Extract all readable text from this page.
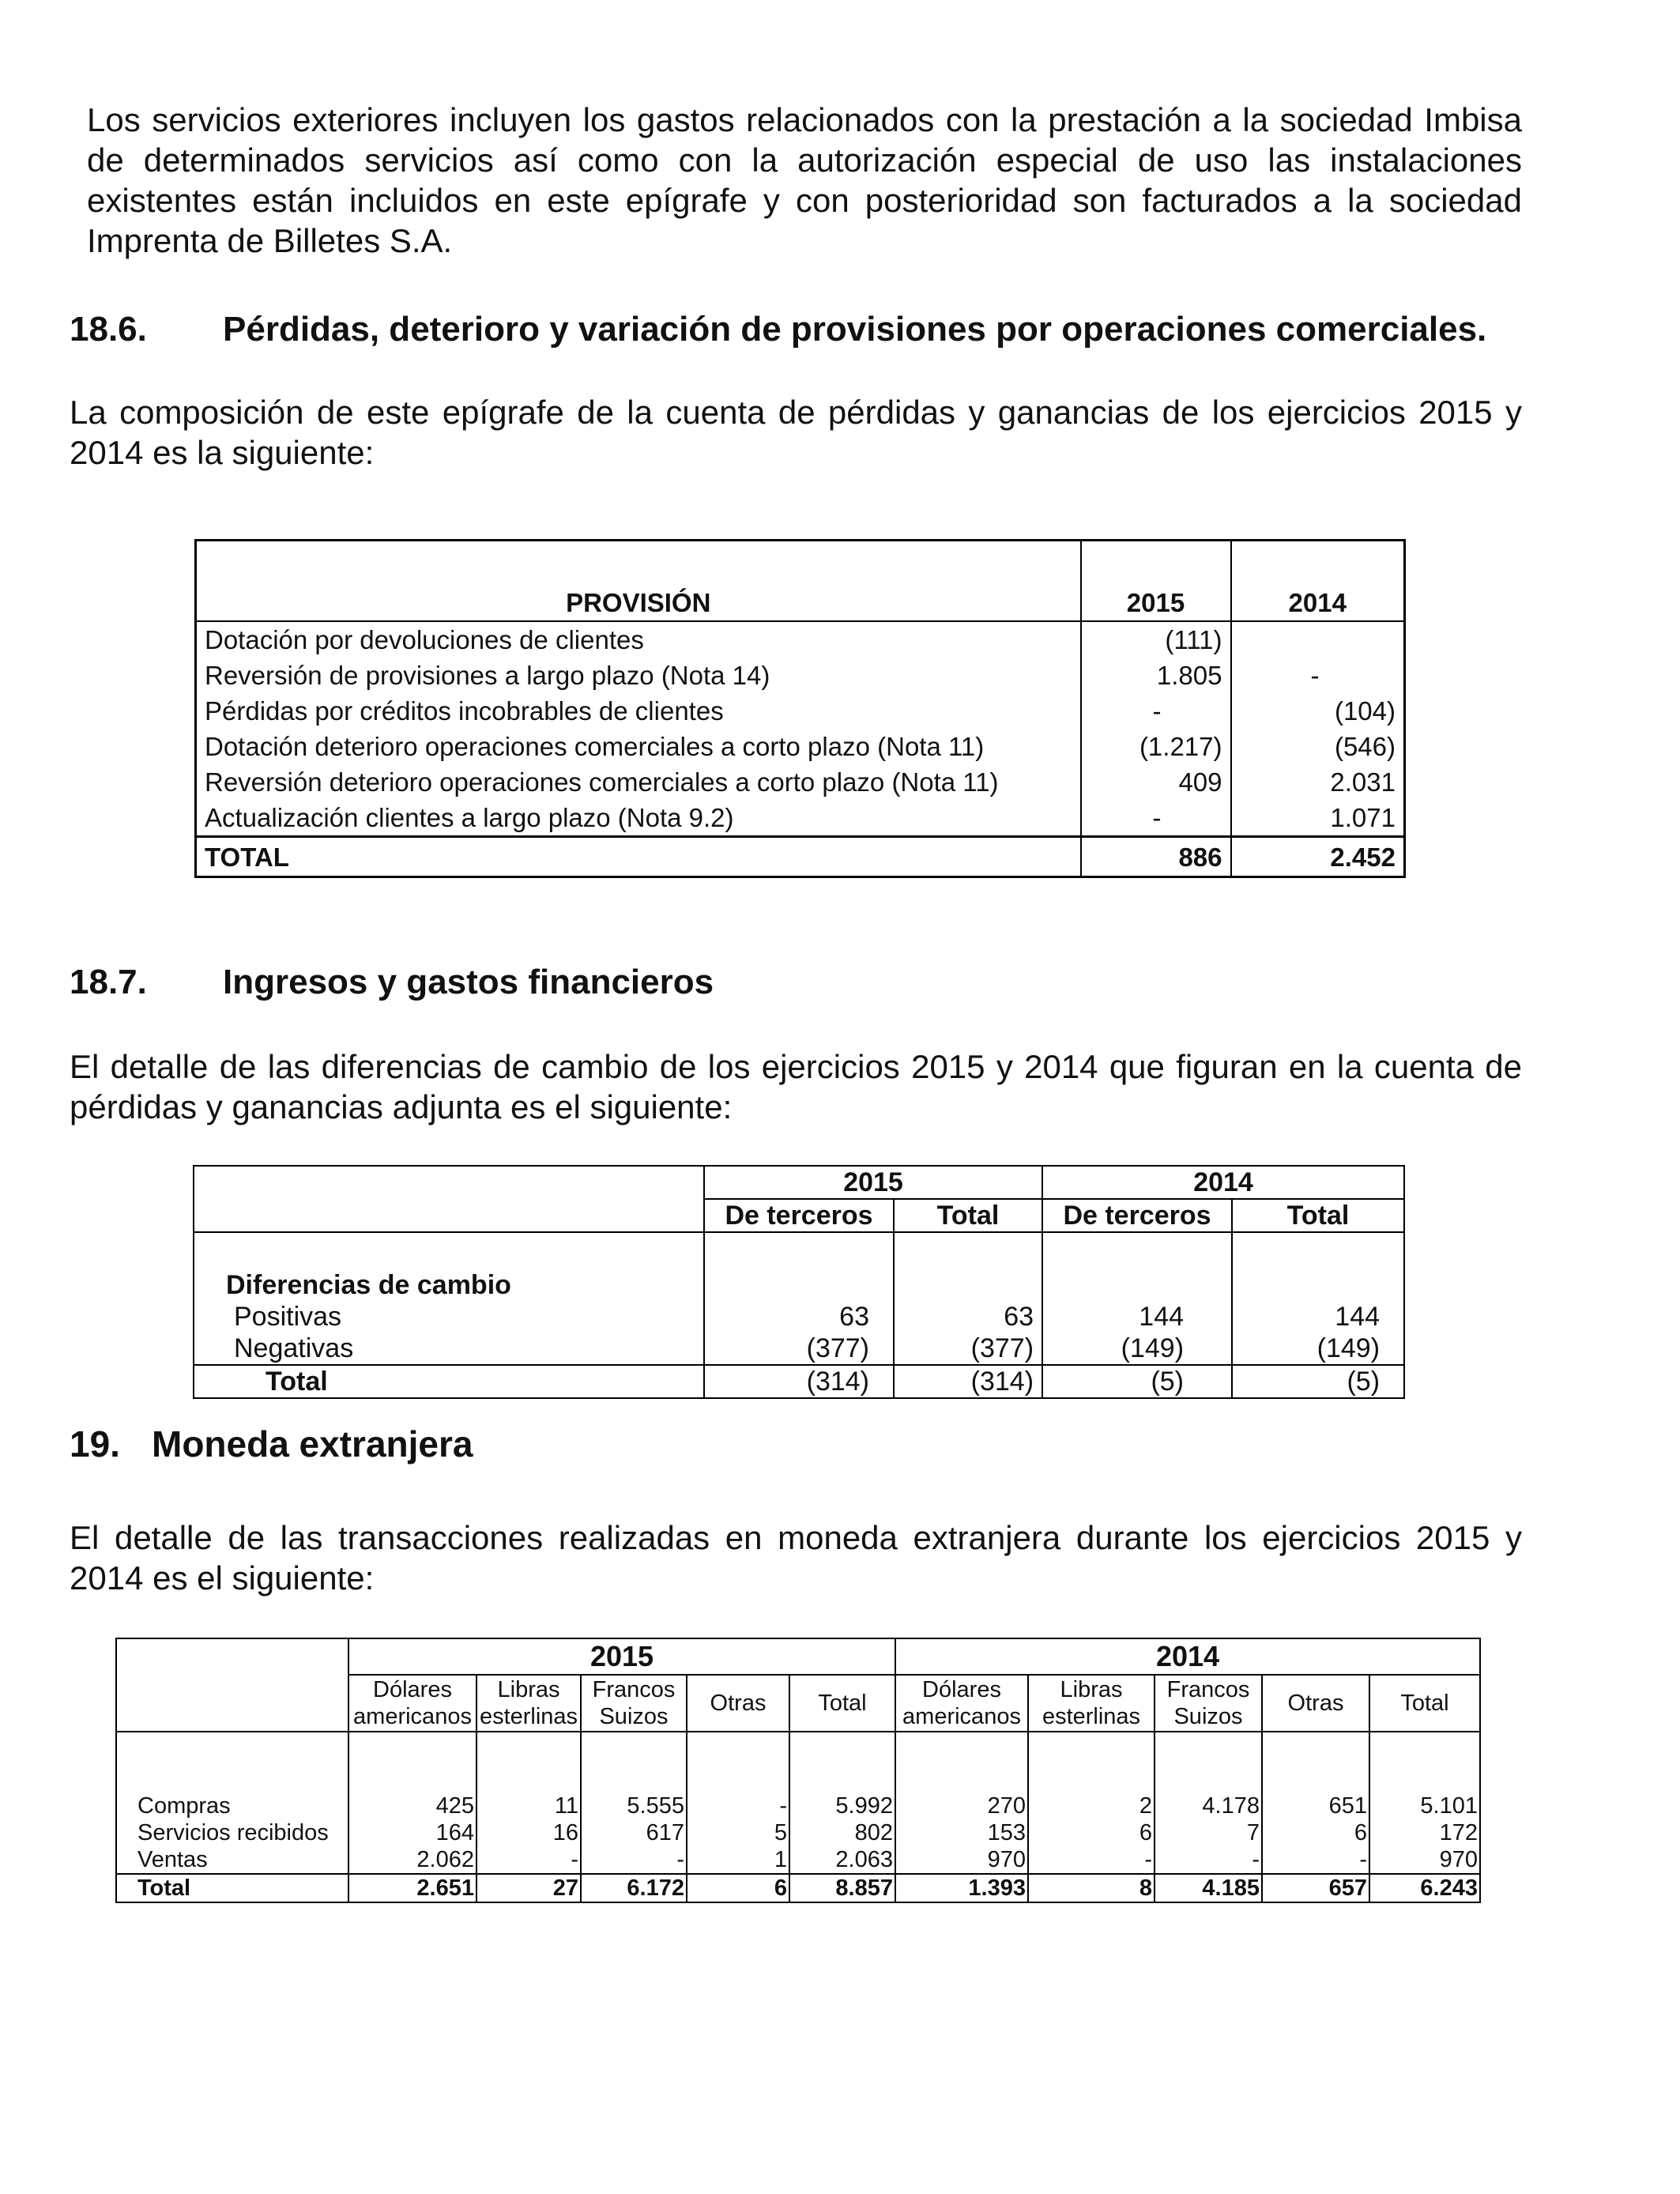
Los servicios exteriores incluyen los gastos relacionados con la prestación a la sociedad Imbisa de determinados servicios así como con la autorización especial de uso las instalaciones existentes están incluidos en este epígrafe y con posterioridad son facturados a la sociedad Imprenta de Billetes S.A.

18.6. Pérdidas, deterioro y variación de provisiones por operaciones comerciales.

La composición de este epígrafe de la cuenta de pérdidas y ganancias de los ejercicios 2015 y 2014 es la siguiente:

PROVISIÓN	2015	2014
Dotación por devoluciones de clientes	(111)	
Reversión de provisiones a largo plazo (Nota 14)	1.805	-
Pérdidas por créditos incobrables de clientes	-	(104)
Dotación deterioro operaciones comerciales a corto plazo (Nota 11)	(1.217)	(546)
Reversión deterioro operaciones comerciales a corto plazo (Nota 11)	409	2.031
Actualización clientes a largo plazo (Nota 9.2)	-	1.071
TOTAL	886	2.452
18.7. Ingresos y gastos financieros

El detalle de las diferencias de cambio de los ejercicios 2015 y 2014 que figuran en la cuenta de pérdidas y ganancias adjunta es el siguiente:

	2015		2014	
	De terceros	Total	De terceros	Total

Diferencias de cambio				
Positivas	63	63	144	144
Negativas	(377)	(377)	(149)	(149)
Total	(314)	(314)	(5)	(5)
19. Moneda extranjera

El detalle de las transacciones realizadas en moneda extranjera durante los ejercicios 2015 y 2014 es el siguiente:

	2015					2014				
	Dólares americanos	Libras esterlinas	Francos Suizos	Otras	Total	Dólares americanos	Libras esterlinas	Francos Suizos	Otras	Total

Compras	425	11	5.555	-	5.992	270	2	4.178	651	5.101
Servicios recibidos	164	16	617	5	802	153	6	7	6	172
Ventas	2.062	-	-	1	2.063	970	-	-	-	970
Total	2.651	27	6.172	6	8.857	1.393	8	4.185	657	6.243
